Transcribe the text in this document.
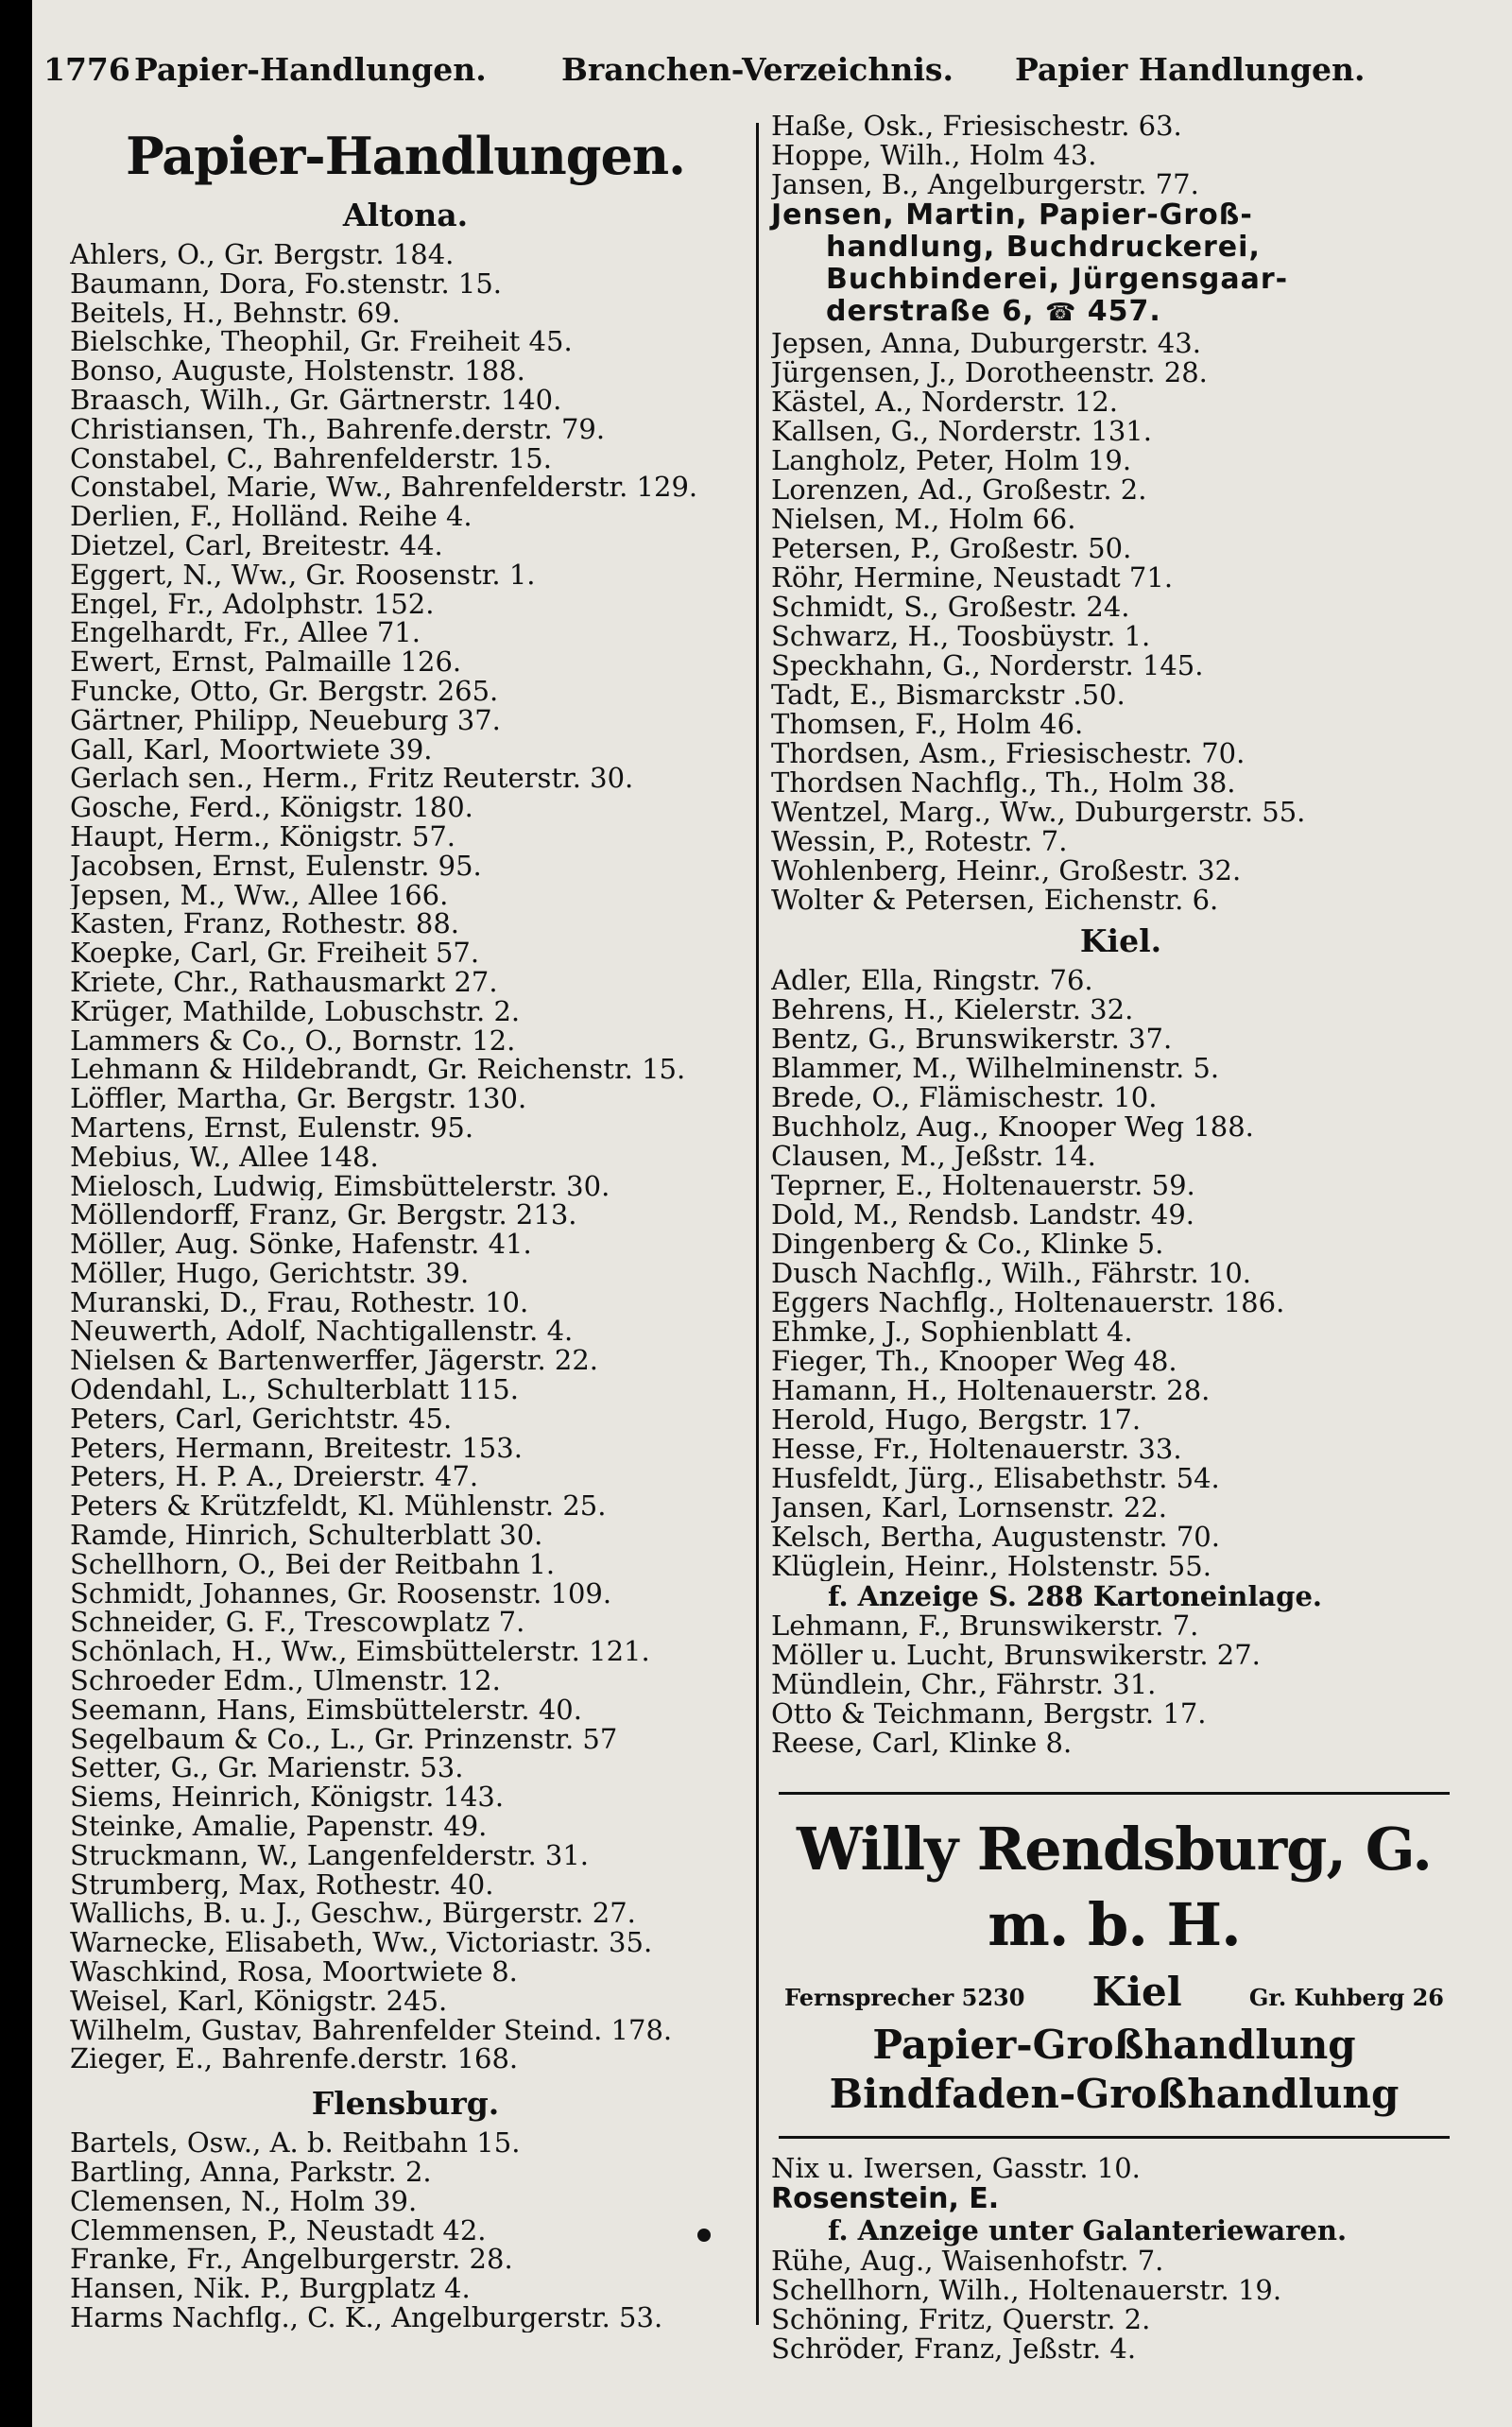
1776 Papier-Handlungen. Branchen-Verzeichnis. Papier Handlungen.
Papier-Handlungen.
Altona.
Ahlers, O., Gr. Bergstr. 184.
Baumann, Dora, Fo.stenstr. 15.
Beitels, H., Behnstr. 69.
Bielschke, Theophil, Gr. Freiheit 45.
Bonso, Auguste, Holstenstr. 188.
Braasch, Wilh., Gr. Gärtnerstr. 140.
Christiansen, Th., Bahrenfe.derstr. 79.
Constabel, C., Bahrenfelderstr. 15.
Constabel, Marie, Ww., Bahrenfelderstr. 129.
Derlien, F., Holländ. Reihe 4.
Dietzel, Carl, Breitestr. 44.
Eggert, N., Ww., Gr. Roosenstr. 1.
Engel, Fr., Adolphstr. 152.
Engelhardt, Fr., Allee 71.
Ewert, Ernst, Palmaille 126.
Funcke, Otto, Gr. Bergstr. 265.
Gärtner, Philipp, Neueburg 37.
Gall, Karl, Moortwiete 39.
Gerlach sen., Herm., Fritz Reuterstr. 30.
Gosche, Ferd., Königstr. 180.
Haupt, Herm., Königstr. 57.
Jacobsen, Ernst, Eulenstr. 95.
Jepsen, M., Ww., Allee 166.
Kasten, Franz, Rothestr. 88.
Koepke, Carl, Gr. Freiheit 57.
Kriete, Chr., Rathausmarkt 27.
Krüger, Mathilde, Lobuschstr. 2.
Lammers & Co., O., Bornstr. 12.
Lehmann & Hildebrandt, Gr. Reichenstr. 15.
Löffler, Martha, Gr. Bergstr. 130.
Martens, Ernst, Eulenstr. 95.
Mebius, W., Allee 148.
Mielosch, Ludwig, Eimsbüttelerstr. 30.
Möllendorff, Franz, Gr. Bergstr. 213.
Möller, Aug. Sönke, Hafenstr. 41.
Möller, Hugo, Gerichtstr. 39.
Muranski, D., Frau, Rothestr. 10.
Neuwerth, Adolf, Nachtigallenstr. 4.
Nielsen & Bartenwerffer, Jägerstr. 22.
Odendahl, L., Schulterblatt 115.
Peters, Carl, Gerichtstr. 45.
Peters, Hermann, Breitestr. 153.
Peters, H. P. A., Dreierstr. 47.
Peters & Krützfeldt, Kl. Mühlenstr. 25.
Ramde, Hinrich, Schulterblatt 30.
Schellhorn, O., Bei der Reitbahn 1.
Schmidt, Johannes, Gr. Roosenstr. 109.
Schneider, G. F., Trescowplatz 7.
Schönlach, H., Ww., Eimsbüttelerstr. 121.
Schroeder Edm., Ulmenstr. 12.
Seemann, Hans, Eimsbüttelerstr. 40.
Segelbaum & Co., L., Gr. Prinzenstr. 57
Setter, G., Gr. Marienstr. 53.
Siems, Heinrich, Königstr. 143.
Steinke, Amalie, Papenstr. 49.
Struckmann, W., Langenfelderstr. 31.
Strumberg, Max, Rothestr. 40.
Wallichs, B. u. J., Geschw., Bürgerstr. 27.
Warnecke, Elisabeth, Ww., Victoriastr. 35.
Waschkind, Rosa, Moortwiete 8.
Weisel, Karl, Königstr. 245.
Wilhelm, Gustav, Bahrenfelder Steind. 178.
Zieger, E., Bahrenfe.derstr. 168.
Flensburg.
Bartels, Osw., A. b. Reitbahn 15.
Bartling, Anna, Parkstr. 2.
Clemensen, N., Holm 39.
Clemmensen, P., Neustadt 42.
Franke, Fr., Angelburgerstr. 28.
Hansen, Nik. P., Burgplatz 4.
Harms Nachflg., C. K., Angelburgerstr. 53.
Haße, Osk., Friesischestr. 63.
Hoppe, Wilh., Holm 43.
Jansen, B., Angelburgerstr. 77.
Jensen, Martin, Papier-Groß-
handlung, Buchdruckerei,
Buchbinderei, Jürgensgaar-
derstraße 6, ☎ 457.
Jepsen, Anna, Duburgerstr. 43.
Jürgensen, J., Dorotheenstr. 28.
Kästel, A., Norderstr. 12.
Kallsen, G., Norderstr. 131.
Langholz, Peter, Holm 19.
Lorenzen, Ad., Großestr. 2.
Nielsen, M., Holm 66.
Petersen, P., Großestr. 50.
Röhr, Hermine, Neustadt 71.
Schmidt, S., Großestr. 24.
Schwarz, H., Toosbüystr. 1.
Speckhahn, G., Norderstr. 145.
Tadt, E., Bismarckstr .50.
Thomsen, F., Holm 46.
Thordsen, Asm., Friesischestr. 70.
Thordsen Nachflg., Th., Holm 38.
Wentzel, Marg., Ww., Duburgerstr. 55.
Wessin, P., Rotestr. 7.
Wohlenberg, Heinr., Großestr. 32.
Wolter & Petersen, Eichenstr. 6.
Kiel.
Adler, Ella, Ringstr. 76.
Behrens, H., Kielerstr. 32.
Bentz, G., Brunswikerstr. 37.
Blammer, M., Wilhelminenstr. 5.
Brede, O., Flämischestr. 10.
Buchholz, Aug., Knooper Weg 188.
Clausen, M., Jeßstr. 14.
Teprner, E., Holtenauerstr. 59.
Dold, M., Rendsb. Landstr. 49.
Dingenberg & Co., Klinke 5.
Dusch Nachflg., Wilh., Fährstr. 10.
Eggers Nachflg., Holtenauerstr. 186.
Ehmke, J., Sophienblatt 4.
Fieger, Th., Knooper Weg 48.
Hamann, H., Holtenauerstr. 28.
Herold, Hugo, Bergstr. 17.
Hesse, Fr., Holtenauerstr. 33.
Husfeldt, Jürg., Elisabethstr. 54.
Jansen, Karl, Lornsenstr. 22.
Kelsch, Bertha, Augustenstr. 70.
Klüglein, Heinr., Holstenstr. 55.
f. Anzeige S. 288 Kartoneinlage.
Lehmann, F., Brunswikerstr. 7.
Möller u. Lucht, Brunswikerstr. 27.
Mündlein, Chr., Fährstr. 31.
Otto & Teichmann, Bergstr. 17.
Reese, Carl, Klinke 8.
Willy Rendsburg, G. m. b. H.
Fernsprecher 5230 Kiel	Gr. Kuhberg 26
Papier-Großhandlung
Bindfaden-Großhandlung
Nix u. Iwersen, Gasstr. 10.
Rosenstein, E.
f. Anzeige unter Galanteriewaren.
Rühe, Aug., Waisenhofstr. 7.
Schellhorn, Wilh., Holtenauerstr. 19.
Schöning, Fritz, Querstr. 2.
Schröder, Franz, Jeßstr. 4.
